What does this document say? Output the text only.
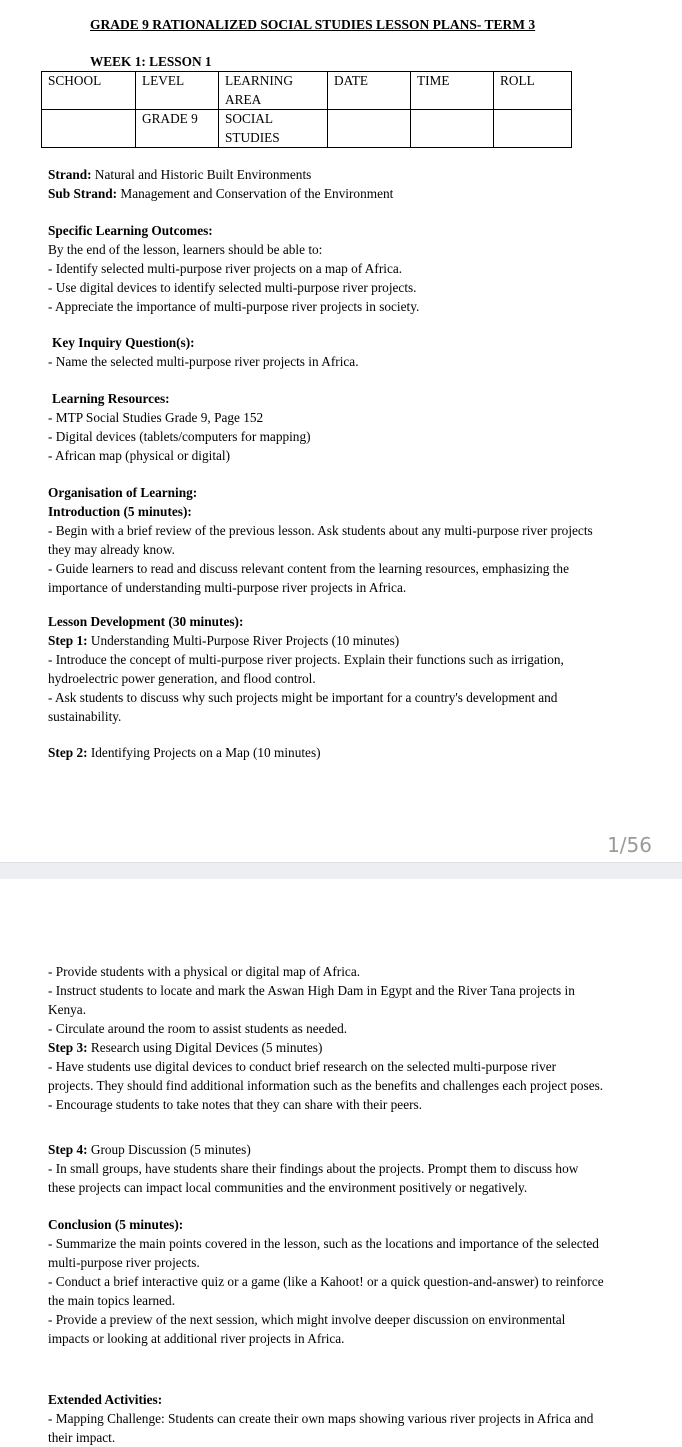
GRADE 9 RATIONALIZED SOCIAL STUDIES LESSON PLANS- TERM 3
WEEK 1: LESSON 1
SCHOOL	LEVEL	LEARNING AREA	DATE	TIME	ROLL
	GRADE 9	SOCIAL STUDIES			

Strand: Natural and Historic Built Environments

Sub Strand: Management and Conservation of the Environment

Specific Learning Outcomes:

By the end of the lesson, learners should be able to:

- Identify selected multi-purpose river projects on a map of Africa.

- Use digital devices to identify selected multi-purpose river projects.

- Appreciate the importance of multi-purpose river projects in society.

Key Inquiry Question(s):

- Name the selected multi-purpose river projects in Africa.

Learning Resources:

- MTP Social Studies Grade 9, Page 152

- Digital devices (tablets/computers for mapping)

- African map (physical or digital)

Organisation of Learning:

Introduction (5 minutes):

- Begin with a brief review of the previous lesson. Ask students about any multi-purpose river projects they may already know.

- Guide learners to read and discuss relevant content from the learning resources, emphasizing the importance of understanding multi-purpose river projects in Africa.

Lesson Development (30 minutes):

Step 1: Understanding Multi-Purpose River Projects (10 minutes)

- Introduce the concept of multi-purpose river projects. Explain their functions such as irrigation, hydroelectric power generation, and flood control.

- Ask students to discuss why such projects might be important for a country's development and sustainability.

Step 2: Identifying Projects on a Map (10 minutes)

1/56

- Provide students with a physical or digital map of Africa.

- Instruct students to locate and mark the Aswan High Dam in Egypt and the River Tana projects in Kenya.

- Circulate around the room to assist students as needed.

Step 3: Research using Digital Devices (5 minutes)

- Have students use digital devices to conduct brief research on the selected multi-purpose river projects. They should find additional information such as the benefits and challenges each project poses.

- Encourage students to take notes that they can share with their peers.

Step 4: Group Discussion (5 minutes)

- In small groups, have students share their findings about the projects. Prompt them to discuss how these projects can impact local communities and the environment positively or negatively.

Conclusion (5 minutes):

- Summarize the main points covered in the lesson, such as the locations and importance of the selected multi-purpose river projects.

- Conduct a brief interactive quiz or a game (like a Kahoot! or a quick question-and-answer) to reinforce the main topics learned.

- Provide a preview of the next session, which might involve deeper discussion on environmental impacts or looking at additional river projects in Africa.

Extended Activities:

- Mapping Challenge: Students can create their own maps showing various river projects in Africa and their impact.
